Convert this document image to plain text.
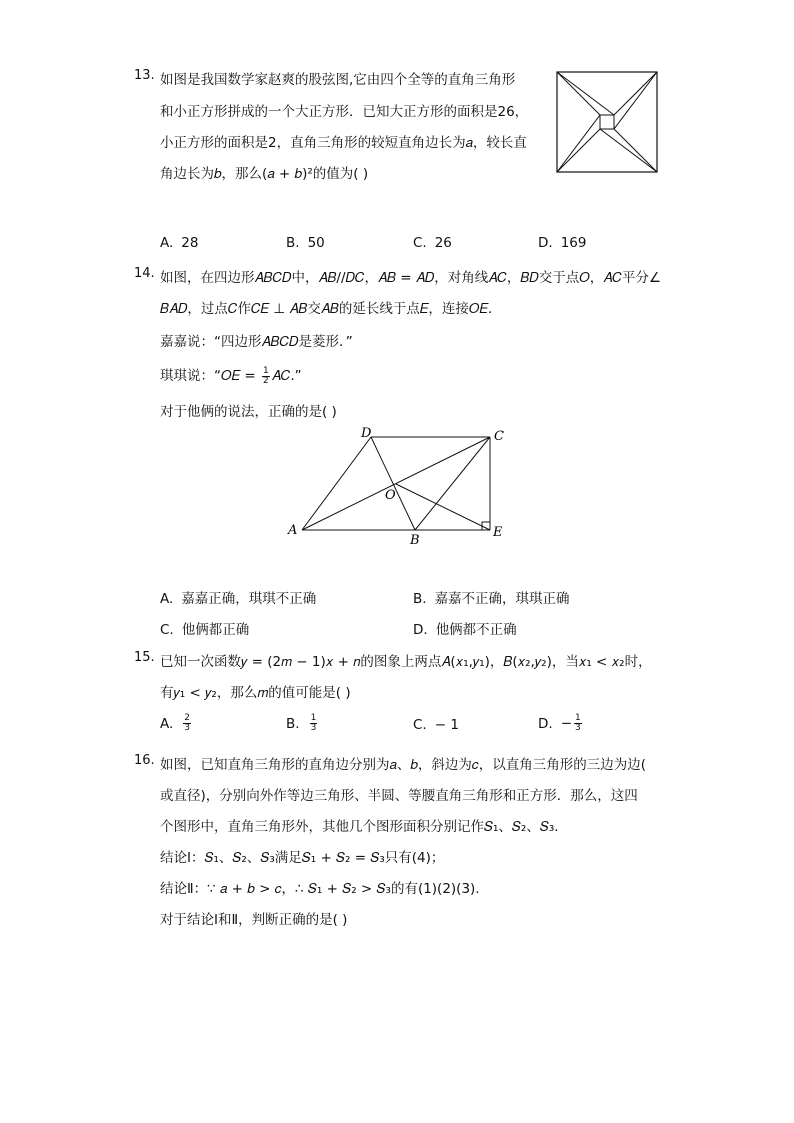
13. 如图是我国数学家赵爽的股弦图,它由四个全等的直角三角形
和小正方形拼成的一个大正方形．已知大正方形的面积是26，
小正方形的面积是2，直角三角形的较短直角边长为𝑎，较长直
角边长为𝑏，那么(𝑎 + 𝑏)²的值为( )
A. 28	B. 50	C. 26	D. 169
14. 如图，在四边形𝐴𝐵𝐶𝐷中，𝐴𝐵//𝐷𝐶，𝐴𝐵 = 𝐴𝐷，对角线𝐴𝐶，𝐵𝐷交于点𝑂，𝐴𝐶平分∠
𝐵𝐴𝐷，过点𝐶作𝐶𝐸 ⊥ 𝐴𝐵交𝐴𝐵的延长线于点𝐸，连接𝑂𝐸．
嘉嘉说：“四边形𝐴𝐵𝐶𝐷是菱形．”
琪琪说：“𝑂𝐸 = $\frac{1}{2}$ 𝐴𝐶.”
对于他俩的说法，正确的是( )
A
B
C
D
O
E
A. 嘉嘉正确，琪琪不正确	B. 嘉嘉不正确，琪琪正确
C. 他俩都正确	D. 他俩都不正确
15. 已知一次函数𝑦 = (2𝑚 − 1)𝑥 + 𝑛的图象上两点𝐴(𝑥₁,𝑦₁)，𝐵(𝑥₂,𝑦₂)，当𝑥₁ < 𝑥₂时，
有𝑦₁ < 𝑦₂，那么𝑚的值可能是( )
A. $\frac{2}{3}$	B. $\frac{1}{3}$	C. − 1	D. − $\frac{1}{3}$
16. 如图，已知直角三角形的直角边分别为𝑎、𝑏，斜边为𝑐，以直角三角形的三边为边(
或直径)，分别向外作等边三角形、半圆、等腰直角三角形和正方形．那么，这四
个图形中，直角三角形外，其他几个图形面积分别记作𝑆₁、𝑆₂、𝑆₃.
结论Ⅰ：𝑆₁、𝑆₂、𝑆₃满足𝑆₁ + 𝑆₂ = 𝑆₃只有(4)；
结论Ⅱ：∵ 𝑎 + 𝑏 > 𝑐，∴ 𝑆₁ + 𝑆₂ > 𝑆₃的有(1)(2)(3).
对于结论Ⅰ和Ⅱ，判断正确的是( )
